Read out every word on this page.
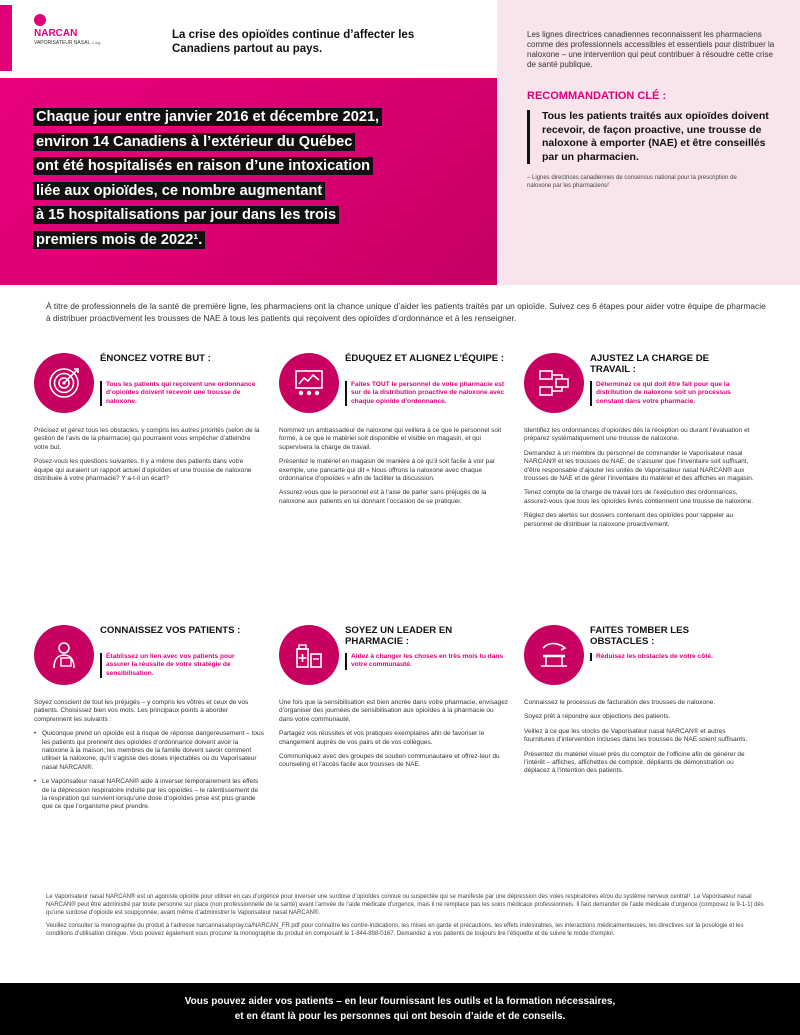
NARCAN
VAPORISATEUR NASAL 4 mg
La crise des opioïdes continue d’affecter les Canadiens partout au pays.
Chaque jour entre janvier 2016 et décembre 2021,
environ 14 Canadiens à l’extérieur du Québec
ont été hospitalisés en raison d’une intoxication
liée aux opioïdes, ce nombre augmentant
à 15 hospitalisations par jour dans les trois
premiers mois de 2022¹.
Les lignes directrices canadiennes reconnaissent les pharmaciens comme des professionnels accessibles et essentiels pour distribuer la naloxone – une intervention qui peut contribuer à résoudre cette crise de santé publique.
RECOMMANDATION CLÉ :
Tous les patients traités aux opioïdes doivent recevoir, de façon proactive, une trousse de naloxone à emporter (NAE) et être conseillés par un pharmacien.
– Lignes directrices canadiennes de consensus national pour la prescription de naloxone par les pharmaciens²
À titre de professionnels de la santé de première ligne, les pharmaciens ont la chance unique d’aider les patients traités par un opioïde. Suivez ces 6 étapes pour aider votre équipe de pharmacie à distribuer proactivement les trousses de NAE à tous les patients qui reçoivent des opioïdes d’ordonnance et à les renseigner.
ÉNONCEZ VOTRE BUT :
Tous les patients qui reçoivent une ordonnance d’opioïdes doivent recevoir une trousse de naloxone.

Précisez et gérez tous les obstacles, y compris les autres priorités (selon de la gestion de l’avis de la pharmacie) qui pourraient vous empêcher d’atteindre votre but.

Posez-vous les questions suivantes. Il y a même des patients dans votre équipe qui auraient un rapport actuel d’opioïdes et une trousse de naloxone distribuée à votre pharmacie? Y a-t-il un écart?

ÉDUQUEZ ET ALIGNEZ L’ÉQUIPE :
Faites TOUT le personnel de votre pharmacie est sur de la distribution proactive de naloxone avec chaque opioïde d’ordonnance.

Nommez un ambassadeur de naloxone qui veillera à ce que le personnel soit formé, à ce que le matériel soit disponible et visible en magasin, et qui supervisera la charge de travail.

Présentez le matériel en magasin de manière à ce qu’il soit facile à voir par exemple, une pancarte qui dit « Nous offrons la naloxone avec chaque ordonnance d’opioïdes » afin de faciliter la discussion.

Assurez-vous que le personnel est à l’aise de parler sans préjugés de la naloxone aux patients en lui donnant l’occasion de se pratiquer.

AJUSTEZ LA CHARGE DE TRAVAIL :
Déterminez ce qui doit être fait pour que la distribution de naloxone soit un processus constant dans votre pharmacie.

Identifiez les ordonnances d’opioïdes dès la réception ou durant l’évaluation et préparez systématiquement une trousse de naloxone.

Demandez à un membre du personnel de commander le Vaporisateur nasal NARCAN® et les trousses de NAE, de s’assurer que l’inventaire soit suffisant, d’être responsable d’ajouter les unités de Vaporisateur nasal NARCAN® aux trousses de NAE et de gérer l’inventaire du matériel et des affiches en magasin.

Tenez compte de la charge de travail lors de l’exécution des ordonnances, assurez-vous que tous les opioïdes livrés contiennent une trousse de naloxone.

Réglez des alertes sur dossiers contenant des opioïdes pour rappeler au personnel de distribuer la naloxone proactivement.

CONNAISSEZ VOS PATIENTS :
Établissez un lien avec vos patients pour assurer la réussite de votre stratégie de sensibilisation.

Soyez conscient de tout les préjugés – y compris les vôtres et ceux de vos patients. Choisissez bien vos mots. Les principaux points à aborder comprennent les suivants :

• Quiconque prend un opioïde est à risque de réponse dangereusement – tous les patients qui prennent des opioïdes d’ordonnance doivent avoir la naloxone à la maison; les membres de la famille doivent savoir comment utiliser la naloxone, qu’il s’agisse des doses injectables ou du Vaporisateur nasal NARCAN®.
• Le Vaporisateur nasal NARCAN® aide à inverser temporairement les effets de la dépression respiratoire induite par les opioïdes – le ralentissement de la respiration qui survient lorsqu’une dose d’opioïdes prise est plus grande que ce que l’organisme peut prendre.
SOYEZ UN LEADER EN PHARMACIE :
Aidez à changer les choses en très mois tu dans votre communauté.

Une fois que la sensibilisation est bien ancrée dans votre pharmacie, envisagez d’organiser des journées de sensibilisation aux opioïdes à la pharmacie ou dans votre communauté.

Partagez vos réussites et vos pratiques exemplaires afin de favoriser le changement auprès de vos pairs et de vos collègues.

Communiquez avec des groupes de soutien communautaire et offrez-leur du counseling et l’accès facile aux trousses de NAE.

FAITES TOMBER LES OBSTACLES :
Réduisez les obstacles de votre côté.

Connaissez le processus de facturation des trousses de naloxone.

Soyez prêt à répondre aux objections des patients.

Veillez à ce que les stocks de Vaporisateur nasal NARCAN® et autres fournitures d’intervention incluses dans les trousses de NAE soient suffisants.

Présentez du matériel visuel près du comptoir de l’officine afin de générer de l’intérêt – affiches, affichettes de comptoir, dépliants de démonstration ou déplacez à l’intention des patients.

Le Vaporisateur nasal NARCAN® est un agoniste opioïde pour utiliser en cas d’urgence pour inverser une surdose d’opioïdes connue ou suspectée qui se manifeste par une dépression des voies respiratoires et/ou du système nerveux central³. Le Vaporisateur nasal NARCAN® peut être administré par toute personne sur place (non professionnelle de la santé) avant l’arrivée de l’aide médicale d’urgence, mais il ne remplace pas les soins médicaux professionnels. Il faut demander de l’aide médicale d’urgence (composez le 9-1-1) dès qu’une surdose d’opioïde est soupçonnée, avant même d’administrer le Vaporisateur nasal NARCAN®.

Veuillez consulter la monographie du produit à l’adresse narcannasalspray.ca/NARCAN_FR.pdf pour connaître les contre-indications, les mises en garde et précautions, les effets indésirables, les interactions médicamenteuses, les directives sur la posologie et les conditions d’utilisation clinique. Vous pouvez également vous procurer la monographie du produit en composant le 1-844-898-0167. Demandez à vos patients de toujours lire l’étiquette et de suivre le mode d’emploi.

Vous pouvez aider vos patients – en leur fournissant les outils et la formation nécessaires,
et en étant là pour les personnes qui ont besoin d’aide et de conseils.
